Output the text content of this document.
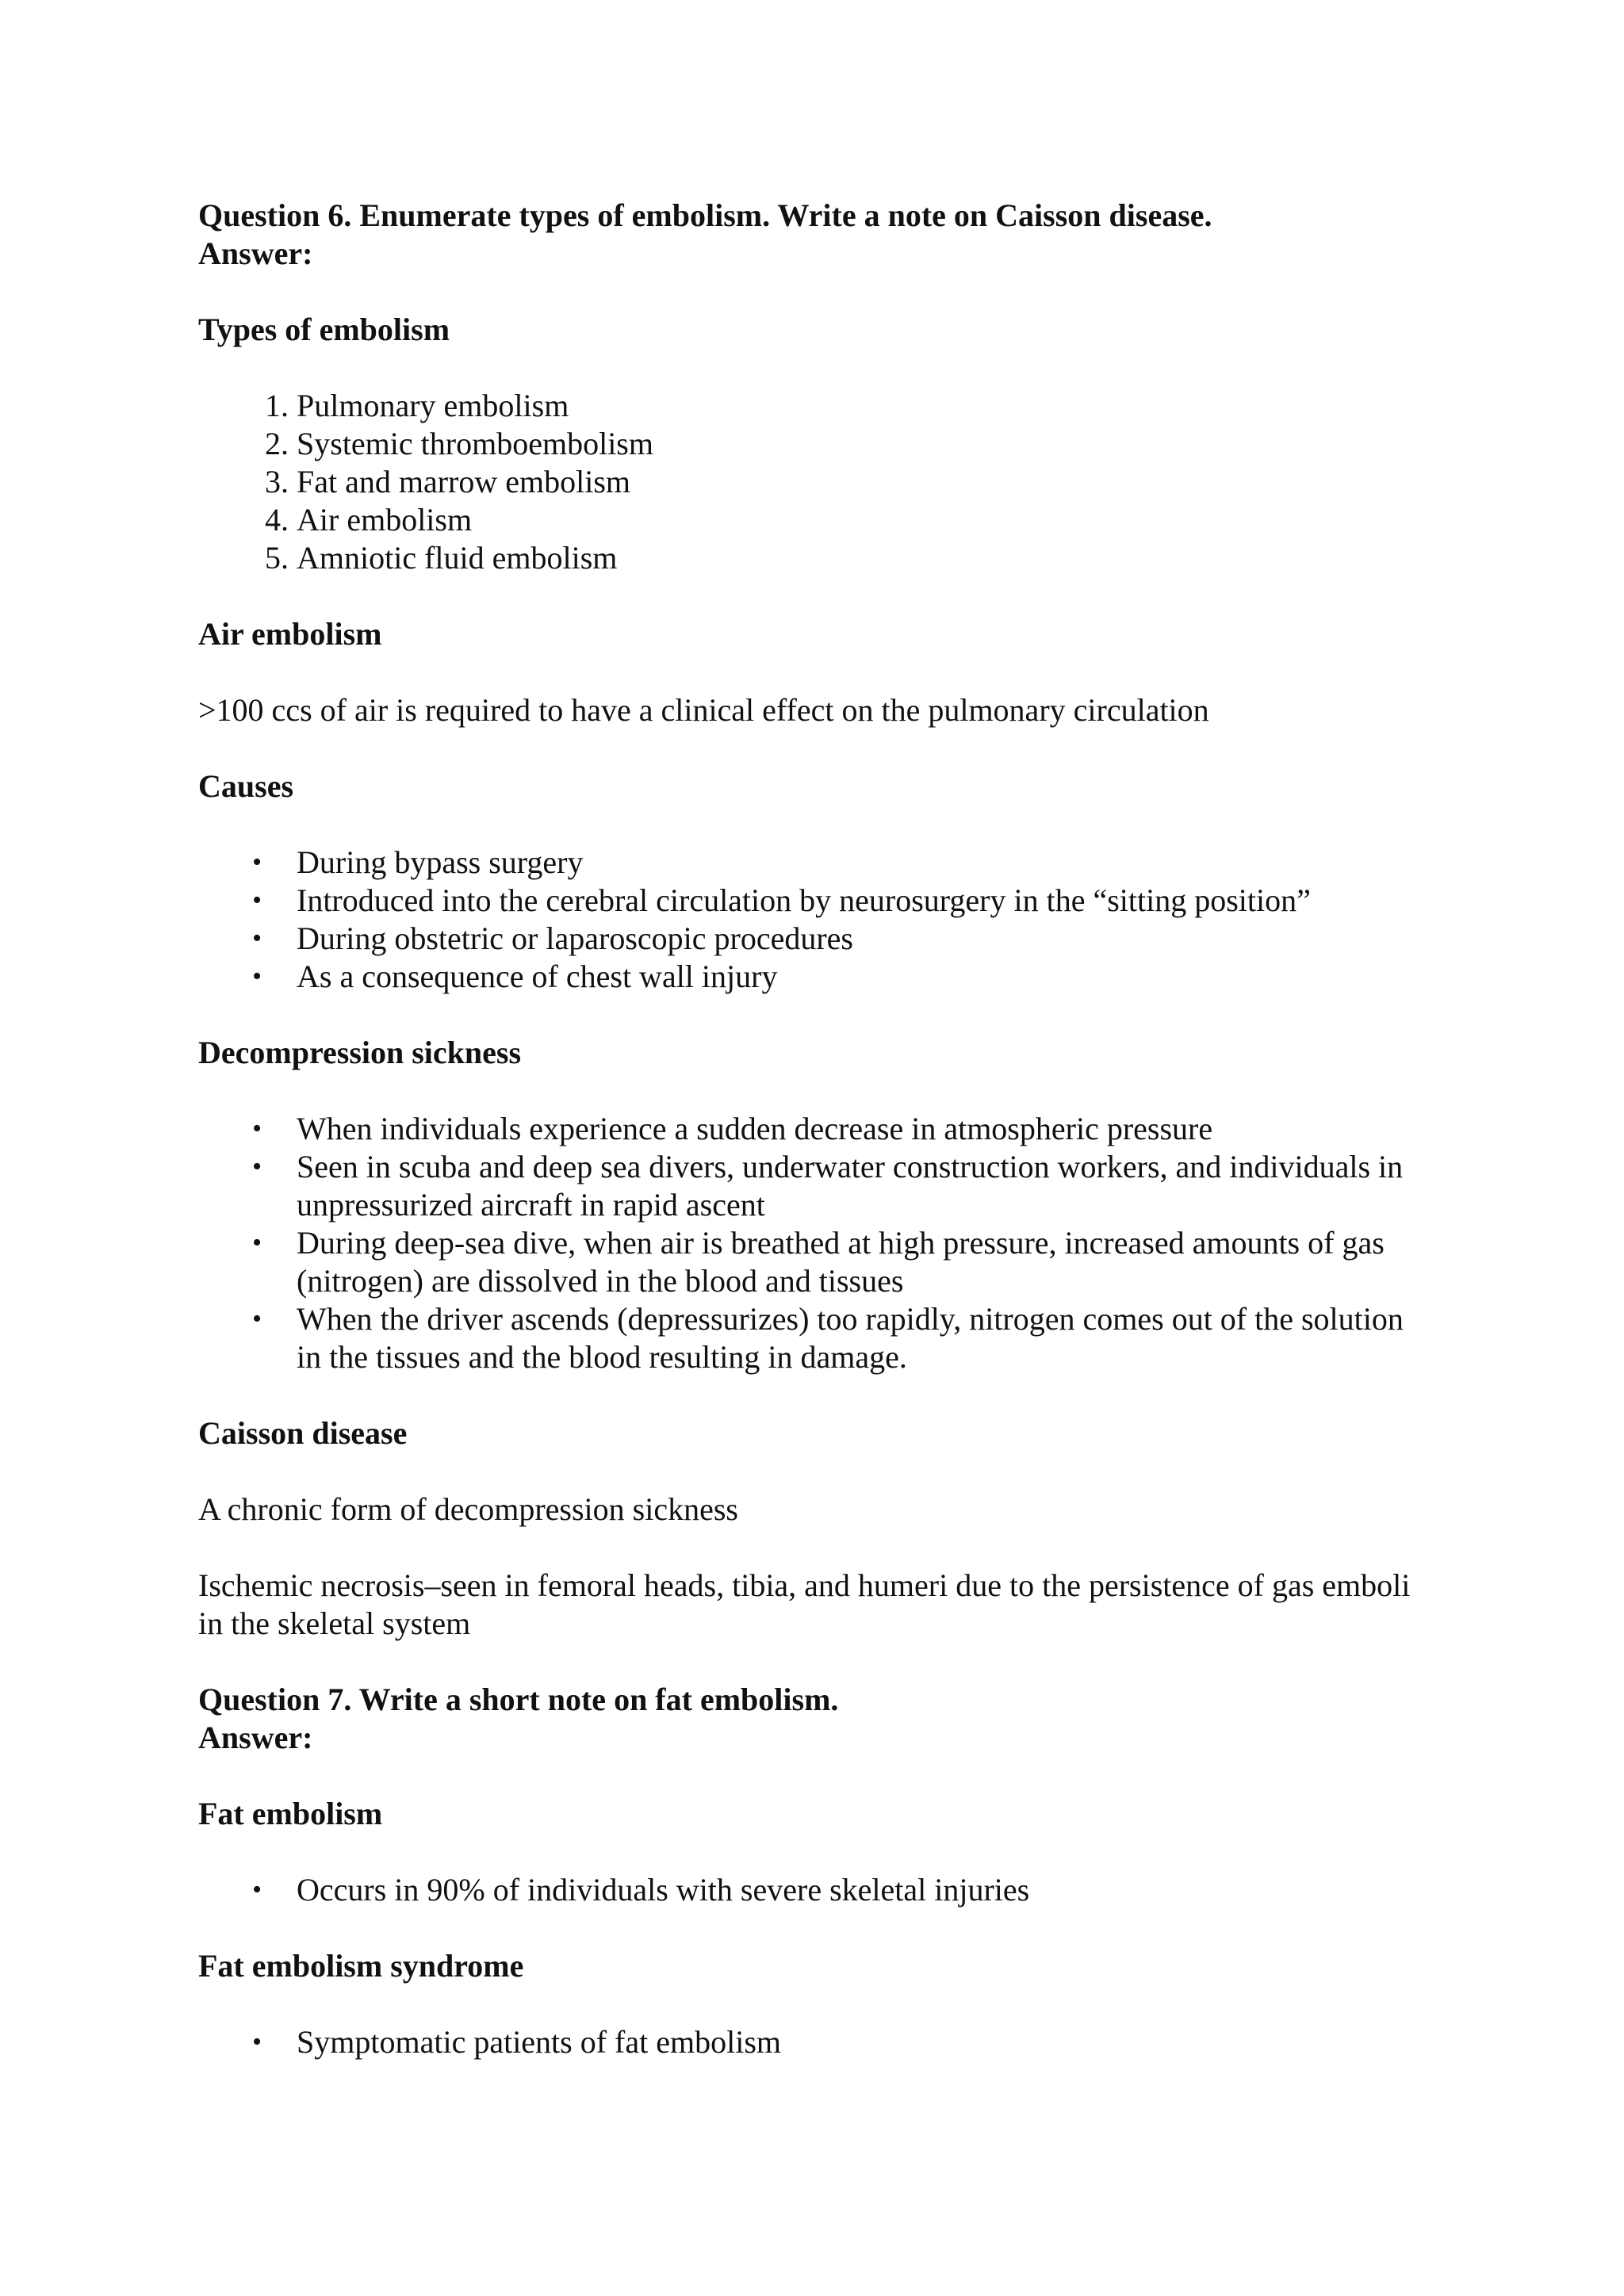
Question 6. Enumerate types of embolism. Write a note on Caisson disease.

Answer:

Types of embolism

1. Pulmonary embolism
2. Systemic thromboembolism
3. Fat and marrow embolism
4. Air embolism
5. Amniotic fluid embolism

Air embolism

>100 ccs of air is required to have a clinical effect on the pulmonary circulation

Causes

• During bypass surgery
• Introduced into the cerebral circulation by neurosurgery in the “sitting position”
• During obstetric or laparoscopic procedures
• As a consequence of chest wall injury

Decompression sickness

• When individuals experience a sudden decrease in atmospheric pressure
• Seen in scuba and deep sea divers, underwater construction workers, and individuals in unpressurized aircraft in rapid ascent
• During deep-sea dive, when air is breathed at high pressure, increased amounts of gas (nitrogen) are dissolved in the blood and tissues
• When the driver ascends (depressurizes) too rapidly, nitrogen comes out of the solution in the tissues and the blood resulting in damage.

Caisson disease

A chronic form of decompression sickness

Ischemic necrosis–seen in femoral heads, tibia, and humeri due to the persistence of gas emboli in the skeletal system

Question 7. Write a short note on fat embolism.

Answer:

Fat embolism

• Occurs in 90% of individuals with severe skeletal injuries

Fat embolism syndrome

• Symptomatic patients of fat embolism
